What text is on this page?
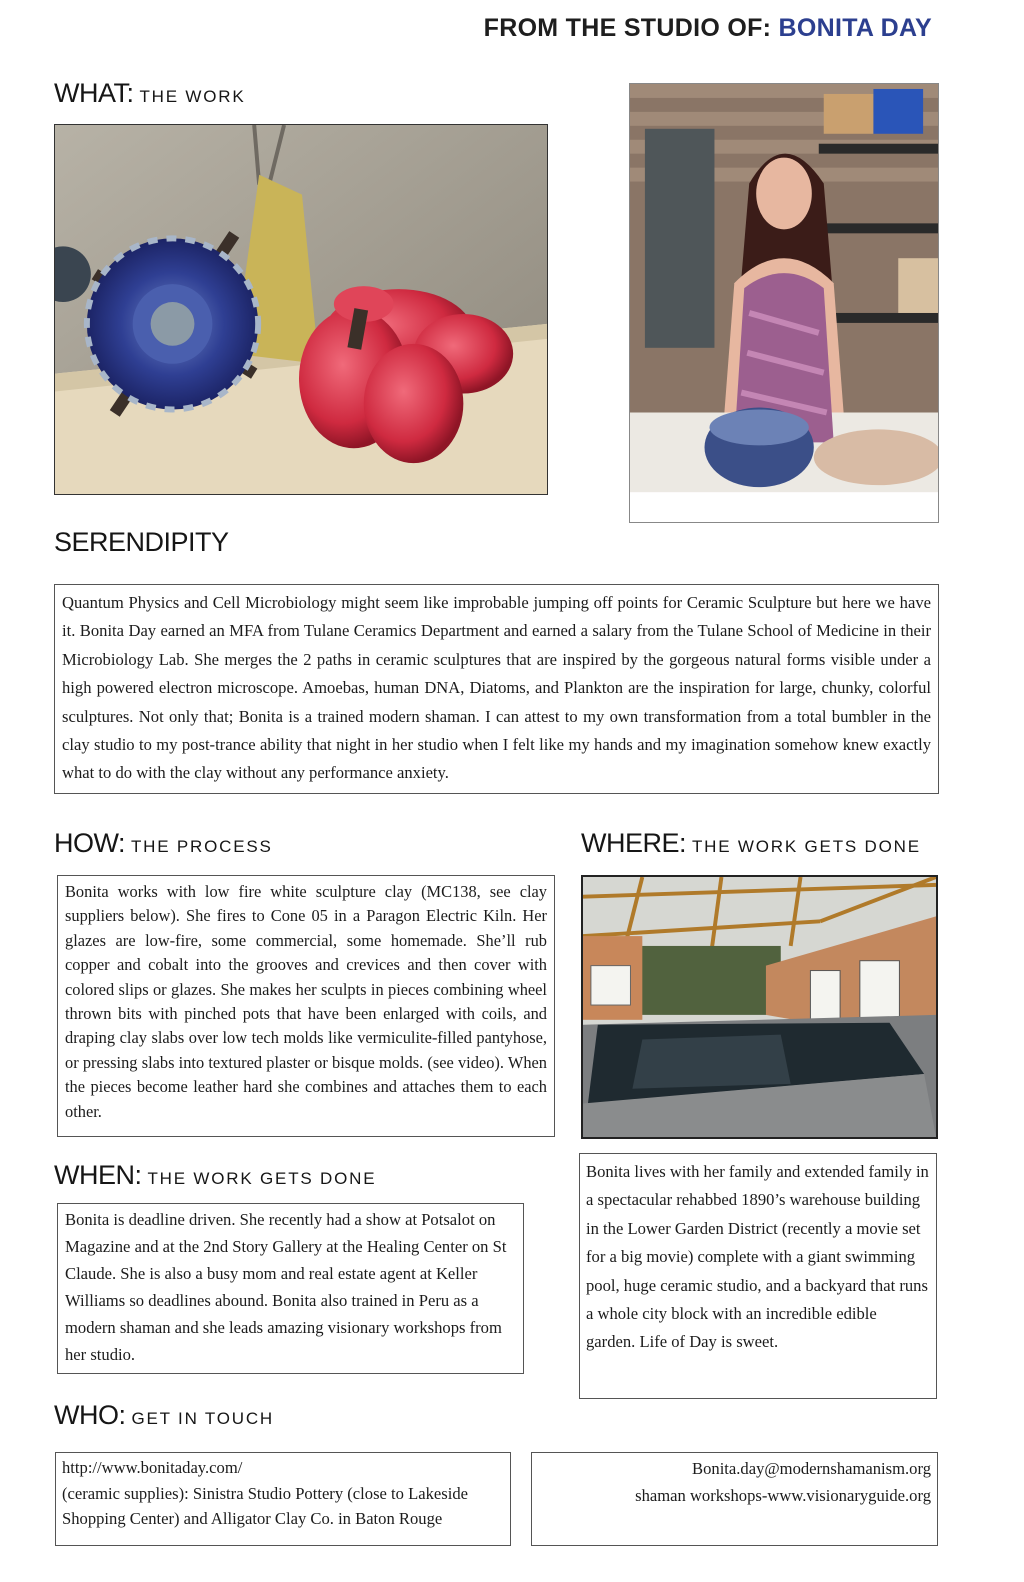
FROM THE STUDIO OF: BONITA DAY
WHAT: THE WORK
SERENDIPITY
Quantum Physics and Cell Microbiology might seem like improbable jumping off points for Ceramic Sculpture but here we have it. Bonita Day earned an MFA from Tulane Ceramics Department and earned a salary from the Tulane School of Medicine in their Microbiology Lab. She merges the 2 paths in ceramic sculptures that are inspired by the gorgeous natural forms visible under a high powered electron microscope. Amoebas, human DNA, Diatoms, and Plankton are the inspiration for large, chunky, colorful sculptures. Not only that; Bonita is a trained modern shaman. I can attest to my own transformation from a total bumbler in the clay studio to my post-trance ability that night in her studio when I felt like my hands and my imagination somehow knew exactly what to do with the clay without any performance anxiety.
HOW: THE PROCESS
Bonita works with low fire white sculpture clay (MC138, see clay suppliers below). She fires to Cone 05 in a Paragon Electric Kiln. Her glazes are low-fire, some commercial, some homemade. She’ll rub copper and cobalt into the grooves and crevices and then cover with colored slips or glazes. She makes her sculpts in pieces combining wheel thrown bits with pinched pots that have been enlarged with coils, and draping clay slabs over low tech molds like vermiculite-filled pantyhose, or pressing slabs into textured plaster or bisque molds. (see video). When the pieces become leather hard she combines and attaches them to each other.
WHERE: THE WORK GETS DONE
Bonita lives with her family and extended family in a spectacular rehabbed 1890’s warehouse building in the Lower Garden District (recently a movie set for a big movie) complete with a giant swimming pool, huge ceramic studio, and a backyard that runs a whole city block with an incredible edible garden. Life of Day is sweet.
WHEN: THE WORK GETS DONE
Bonita is deadline driven. She recently had a show at Potsalot on Magazine and at the 2nd Story Gallery at the Healing Center on St Claude. She is also a busy mom and real estate agent at Keller Williams so deadlines abound. Bonita also trained in Peru as a modern shaman and she leads amazing visionary workshops from her studio.
WHO: GET IN TOUCH
http://www.bonitaday.com/
(ceramic supplies): Sinistra Studio Pottery (close to Lakeside
Shopping Center) and Alligator Clay Co. in Baton Rouge
Bonita.day@modernshamanism.org
shaman workshops-www.visionaryguide.org
